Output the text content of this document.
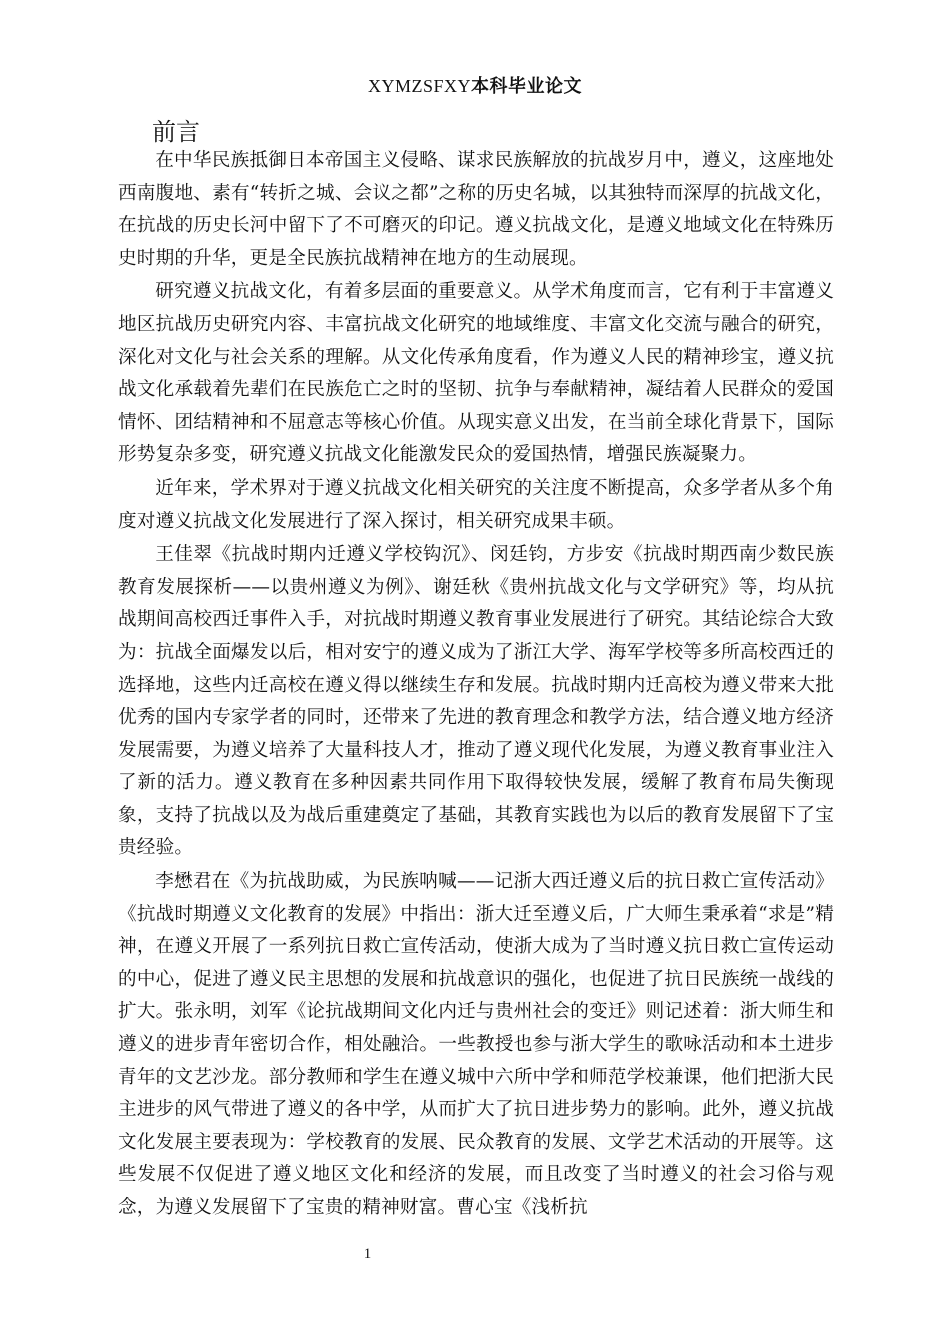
XYMZSFXY本科毕业论文
前言

在中华民族抵御日本帝国主义侵略、谋求民族解放的抗战岁月中，遵义，这座地处西南腹地、素有“转折之城、会议之都”之称的历史名城，以其独特而深厚的抗战文化，在抗战的历史长河中留下了不可磨灭的印记。遵义抗战文化，是遵义地域文化在特殊历史时期的升华，更是全民族抗战精神在地方的生动展现。

研究遵义抗战文化，有着多层面的重要意义。从学术角度而言，它有利于丰富遵义地区抗战历史研究内容、丰富抗战文化研究的地域维度、丰富文化交流与融合的研究，深化对文化与社会关系的理解。从文化传承角度看，作为遵义人民的精神珍宝，遵义抗战文化承载着先辈们在民族危亡之时的坚韧、抗争与奉献精神，凝结着人民群众的爱国情怀、团结精神和不屈意志等核心价值。从现实意义出发，在当前全球化背景下，国际形势复杂多变，研究遵义抗战文化能激发民众的爱国热情，增强民族凝聚力。

近年来，学术界对于遵义抗战文化相关研究的关注度不断提高，众多学者从多个角度对遵义抗战文化发展进行了深入探讨，相关研究成果丰硕。

王佳翠《抗战时期内迁遵义学校钩沉》、闵廷钧，方步安《抗战时期西南少数民族教育发展探析——以贵州遵义为例》、谢廷秋《贵州抗战文化与文学研究》等，均从抗战期间高校西迁事件入手，对抗战时期遵义教育事业发展进行了研究。其结论综合大致为：抗战全面爆发以后，相对安宁的遵义成为了浙江大学、海军学校等多所高校西迁的选择地，这些内迁高校在遵义得以继续生存和发展。抗战时期内迁高校为遵义带来大批优秀的国内专家学者的同时，还带来了先进的教育理念和教学方法，结合遵义地方经济发展需要，为遵义培养了大量科技人才，推动了遵义现代化发展，为遵义教育事业注入了新的活力。遵义教育在多种因素共同作用下取得较快发展，缓解了教育布局失衡现象，支持了抗战以及为战后重建奠定了基础，其教育实践也为以后的教育发展留下了宝贵经验。

李懋君在《为抗战助威，为民族呐喊——记浙大西迁遵义后的抗日救亡宣传活动》《抗战时期遵义文化教育的发展》中指出：浙大迁至遵义后，广大师生秉承着“求是”精神，在遵义开展了一系列抗日救亡宣传活动，使浙大成为了当时遵义抗日救亡宣传运动的中心，促进了遵义民主思想的发展和抗战意识的强化，也促进了抗日民族统一战线的扩大。张永明，刘军《论抗战期间文化内迁与贵州社会的变迁》则记述着：浙大师生和遵义的进步青年密切合作，相处融洽。一些教授也参与浙大学生的歌咏活动和本土进步青年的文艺沙龙。部分教师和学生在遵义城中六所中学和师范学校兼课，他们把浙大民主进步的风气带进了遵义的各中学，从而扩大了抗日进步势力的影响。此外，遵义抗战文化发展主要表现为：学校教育的发展、民众教育的发展、文学艺术活动的开展等。这些发展不仅促进了遵义地区文化和经济的发展，而且改变了当时遵义的社会习俗与观念，为遵义发展留下了宝贵的精神财富。曹心宝《浅析抗

1
